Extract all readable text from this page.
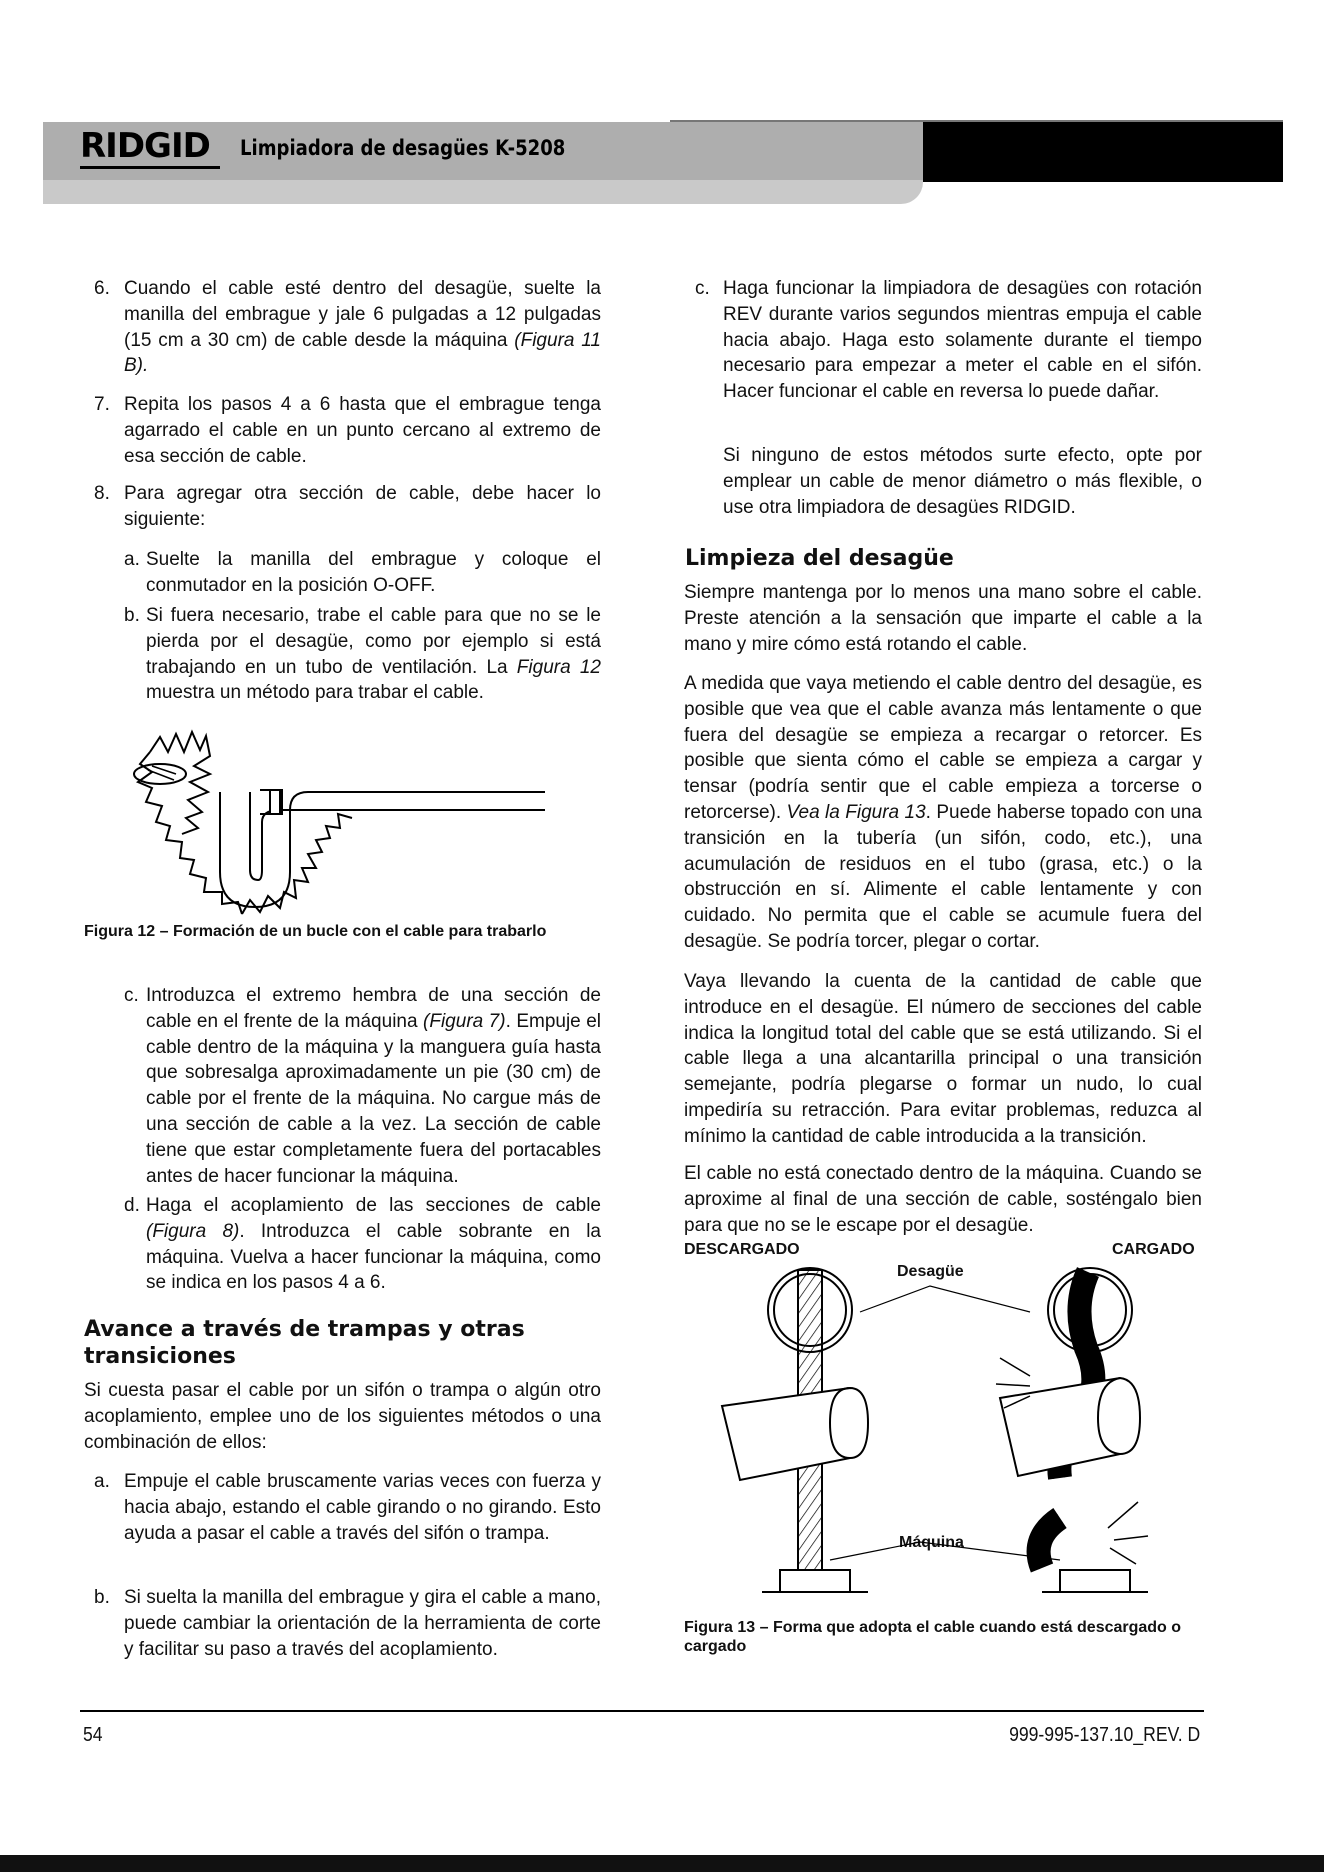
RIDGID Limpiadora de desagües K-5208
6. Cuando el cable esté dentro del desagüe, suelte la manilla del embrague y jale 6 pulgadas a 12 pulgadas (15 cm a 30 cm) de cable desde la máquina (Figura 11 B).
7. Repita los pasos 4 a 6 hasta que el embrague tenga agarrado el cable en un punto cercano al extremo de esa sección de cable.
8. Para agregar otra sección de cable, debe hacer lo siguiente:
a. Suelte la manilla del embrague y coloque el conmutador en la posición O-OFF.
b. Si fuera necesario, trabe el cable para que no se le pierda por el desagüe, como por ejemplo si está trabajando en un tubo de ventilación. La Figura 12 muestra un método para trabar el cable.
Figura 12 – Formación de un bucle con el cable para trabarlo
c. Introduzca el extremo hembra de una sección de cable en el frente de la máquina (Figura 7). Empuje el cable dentro de la máquina y la manguera guía hasta que sobresalga aproximadamente un pie (30 cm) de cable por el frente de la máquina. No cargue más de una sección de cable a la vez. La sección de cable tiene que estar completamente fuera del portacables antes de hacer funcionar la máquina.
d. Haga el acoplamiento de las secciones de cable (Figura 8). Introduzca el cable sobrante en la máquina. Vuelva a hacer funcionar la máquina, como se indica en los pasos 4 a 6.
Avance a través de trampas y otras transiciones
Si cuesta pasar el cable por un sifón o trampa o algún otro acoplamiento, emplee uno de los siguientes métodos o una combinación de ellos:
a. Empuje el cable bruscamente varias veces con fuerza y hacia abajo, estando el cable girando o no girando. Esto ayuda a pasar el cable a través del sifón o trampa.
b. Si suelta la manilla del embrague y gira el cable a mano, puede cambiar la orientación de la herramienta de corte y facilitar su paso a través del acoplamiento.
c. Haga funcionar la limpiadora de desagües con rotación REV durante varios segundos mientras empuja el cable hacia abajo. Haga esto solamente durante el tiempo necesario para empezar a meter el cable en el sifón. Hacer funcionar el cable en reversa lo puede dañar.
Si ninguno de estos métodos surte efecto, opte por emplear un cable de menor diámetro o más flexible, o use otra limpiadora de desagües RIDGID.
Limpieza del desagüe
Siempre mantenga por lo menos una mano sobre el cable. Preste atención a la sensación que imparte el cable a la mano y mire cómo está rotando el cable.
A medida que vaya metiendo el cable dentro del desagüe, es posible que vea que el cable avanza más lentamente o que fuera del desagüe se empieza a recargar o retorcer. Es posible que sienta cómo el cable se empieza a cargar y tensar (podría sentir que el cable empieza a torcerse o retorcerse). Vea la Figura 13. Puede haberse topado con una transición en la tubería (un sifón, codo, etc.), una acumulación de residuos en el tubo (grasa, etc.) o la obstrucción en sí. Alimente el cable lentamente y con cuidado. No permita que el cable se acumule fuera del desagüe. Se podría torcer, plegar o cortar.
Vaya llevando la cuenta de la cantidad de cable que introduce en el desagüe. El número de secciones del cable indica la longitud total del cable que se está utilizando. Si el cable llega a una alcantarilla principal o una transición semejante, podría plegarse o formar un nudo, lo cual impediría su retracción. Para evitar problemas, reduzca al mínimo la cantidad de cable introducida a la transición.
El cable no está conectado dentro de la máquina. Cuando se aproxime al final de una sección de cable, sosténgalo bien para que no se le escape por el desagüe.
DESCARGADO	CARGADO
Desagüe
Máquina
Figura 13 – Forma que adopta el cable cuando está descargado o cargado
54	999-995-137.10_REV. D
